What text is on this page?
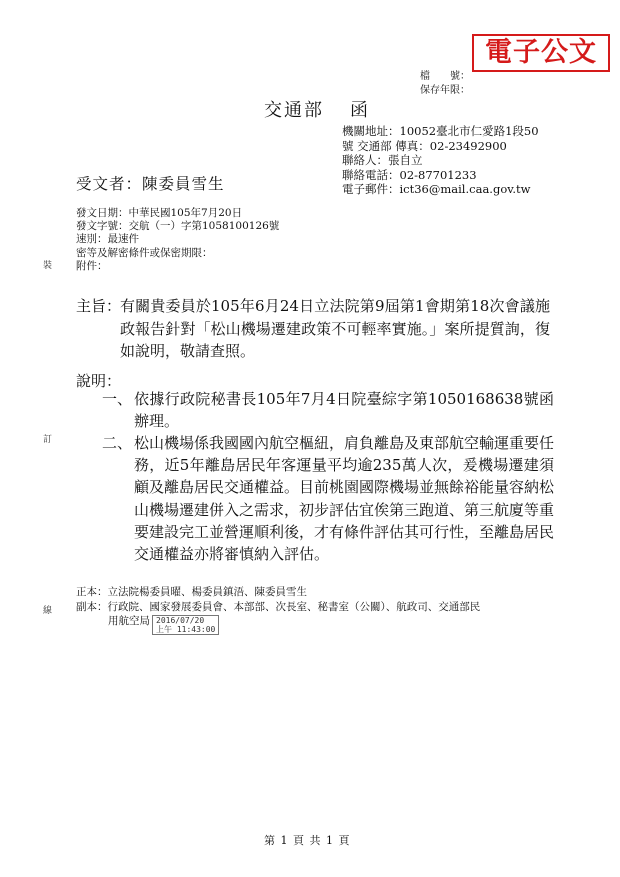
電子公文
檔　　號：
保存年限：
交通部 函
機關地址：10052臺北市仁愛路1段50
號 交通部 傳真：02-23492900
聯絡人：張自立
聯絡電話：02-87701233
電子郵件：ict36@mail.caa.gov.tw
受文者：陳委員雪生
發文日期：中華民國105年7月20日
發文字號：交航（一）字第1058100126號
速別：最速件
密等及解密條件或保密期限：
附件：
裝
訂
線
主旨：
有關貴委員於105年6月24日立法院第9屆第1會期第18次會議施政報告針對「松山機場遷建政策不可輕率實施。」案所提質詢，復如說明，敬請查照。
說明：
一、 依據行政院秘書長105年7月4日院臺綜字第1050168638號函辦理。
二、 松山機場係我國國內航空樞紐，肩負離島及東部航空輸運重要任務，近5年離島居民年客運量平均逾235萬人次，爰機場遷建須顧及離島居民交通權益。目前桃園國際機場並無餘裕能量容納松山機場遷建併入之需求，初步評估宜俟第三跑道、第三航廈等重要建設完工並營運順利後，才有條件評估其可行性，至離島居民交通權益亦將審慎納入評估。
正本：立法院楊委員曜、楊委員鎮浯、陳委員雪生
副本：行政院、國家發展委員會、本部部、次長室、秘書室（公關）、航政司、交通部民
用航空局 2016/07/20
上午 11:43:00
第 1 頁 共 1 頁
